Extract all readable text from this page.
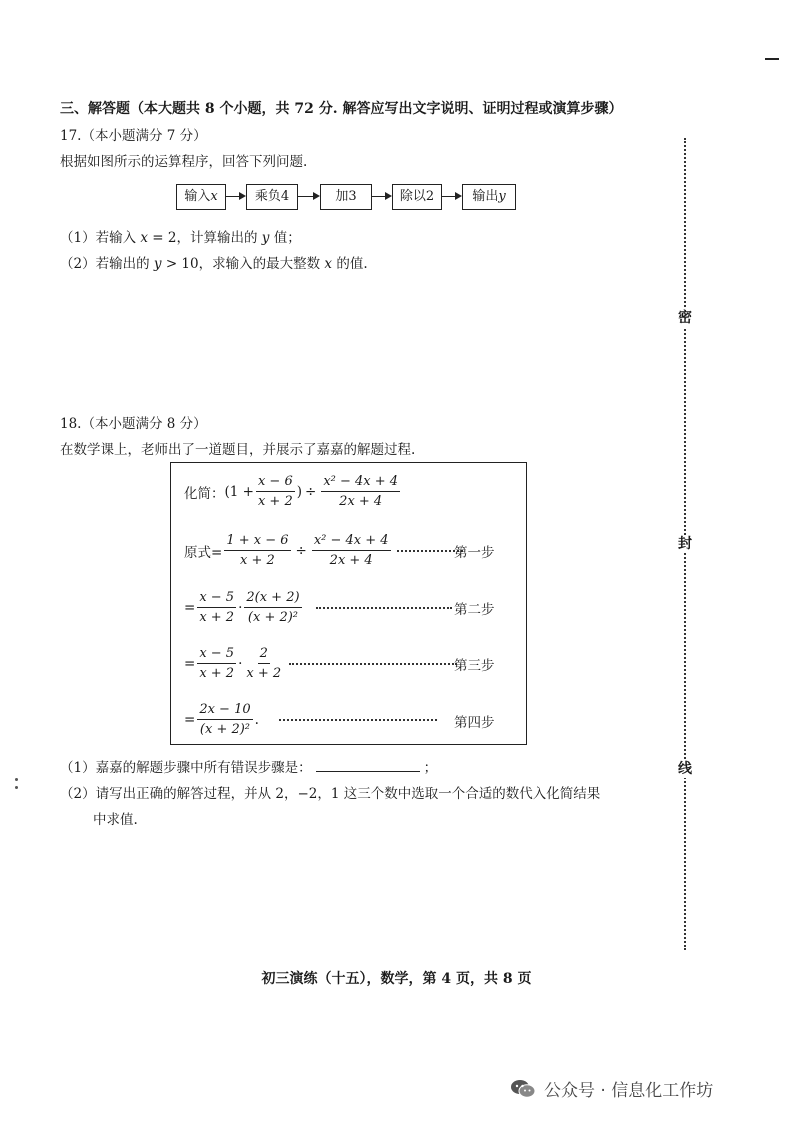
三、解答题（本大题共 8 个小题，共 72 分. 解答应写出文字说明、证明过程或演算步骤）
17.（本小题满分 7 分）
根据如图所示的运算程序，回答下列问题.
输入x	乘负4	加3	除以2	输出y
（1）若输入 x = 2，计算输出的 y 值；
（2）若输出的 y > 10，求输入的最大整数 x 的值.
18.（本小题满分 8 分）
在数学课上，老师出了一道题目，并展示了嘉嘉的解题过程.
化简： ($1 + \frac{x - 6}{x + 2}$ ) ÷ $\frac{\text{x² − 4x + 4}}{2x + 4}$
原式= $\frac{1 + x - 6}{x + 2} \div \frac{\text{x² − 4x + 4}}{2x + 4}$	第一步
= $\frac{x - 5}{x + 2} \cdot \frac{2(x + 2)}{\text{(x + 2)²}}$	第二步
= $\frac{x - 5}{x + 2} \cdot \frac{2}{x + 2}$	第三步
= $\frac{2x - 10}{\text{(x + 2)²}}$ .	第四步
（1）嘉嘉的解题步骤中所有错误步骤是：	；
（2）请写出正确的解答过程，并从 2，−2，1 这三个数中选取一个合适的数代入化简结果
中求值.
密
封
线
初三演练（十五），数学，第 4 页，共 8 页
公众号 · 信息化工作坊
